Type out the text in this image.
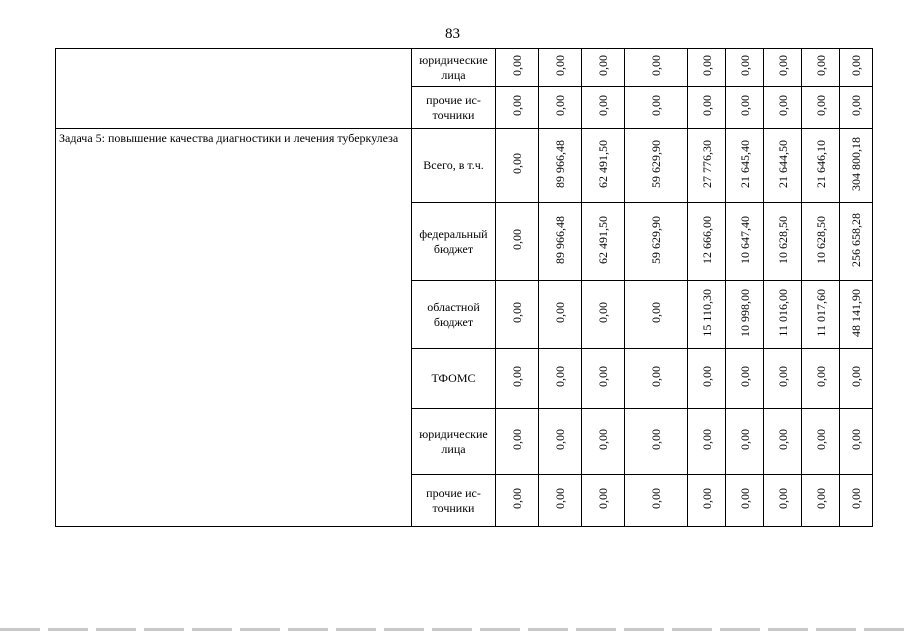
83
	юридические лица	0,00	0,00	0,00	0,00	0,00	0,00	0,00	0,00	0,00
	прочие ис-точники	0,00	0,00	0,00	0,00	0,00	0,00	0,00	0,00	0,00
Задача 5: повышение качества диагностики и лечения туберкулеза	Всего, в т.ч.	0,00	89 966,48	62 491,50	59 629,90	27 776,30	21 645,40	21 644,50	21 646,10	304 800,18
	федеральный бюджет	0,00	89 966,48	62 491,50	59 629,90	12 666,00	10 647,40	10 628,50	10 628,50	256 658,28
	областной бюджет	0,00	0,00	0,00	0,00	15 110,30	10 998,00	11 016,00	11 017,60	48 141,90
	ТФОМС	0,00	0,00	0,00	0,00	0,00	0,00	0,00	0,00	0,00
	юридические лица	0,00	0,00	0,00	0,00	0,00	0,00	0,00	0,00	0,00
	прочие ис-точники	0,00	0,00	0,00	0,00	0,00	0,00	0,00	0,00	0,00
